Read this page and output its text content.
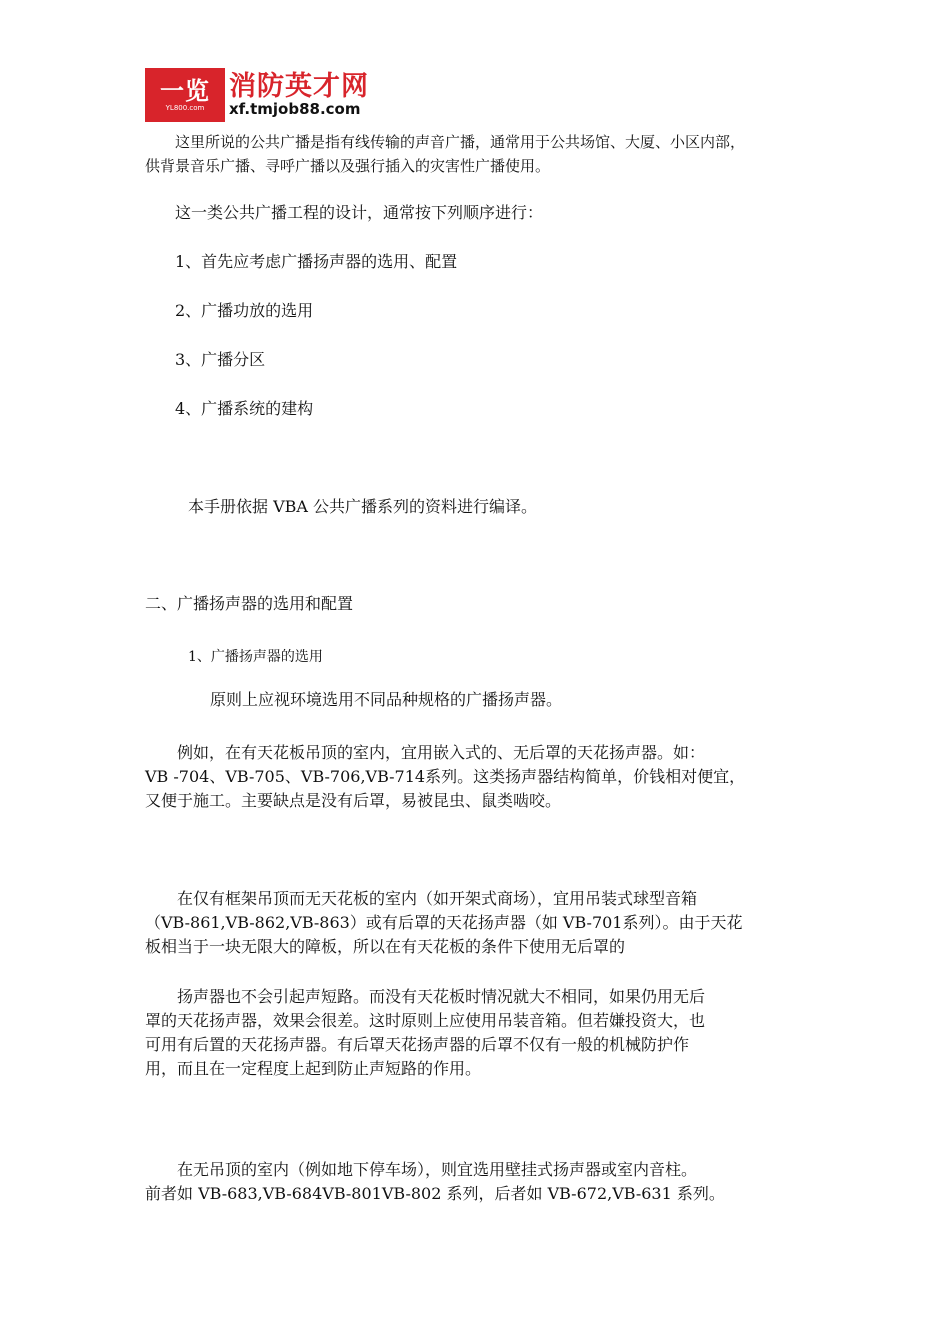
一览
YL800.com
消防英才网
xf.tmjob88.com

这里所说的公共广播是指有线传输的声音广播，通常用于公共场馆、大厦、小区内部，
供背景音乐广播、寻呼广播以及强行插入的灾害性广播使用。

这一类公共广播工程的设计，通常按下列顺序进行：

1、首先应考虑广播扬声器的选用、配置

2、广播功放的选用

3、广播分区

4、广播系统的建构

本手册依据 VBA 公共广播系列的资料进行编译。

二、广播扬声器的选用和配置

1、广播扬声器的选用

原则上应视环境选用不同品种规格的广播扬声器。

例如，在有天花板吊顶的室内，宜用嵌入式的、无后罩的天花扬声器。如：
VB -704、VB-705、VB-706,VB-714系列。这类扬声器结构简单，价钱相对便宜，
又便于施工。主要缺点是没有后罩，易被昆虫、鼠类啮咬。

在仅有框架吊顶而无天花板的室内（如开架式商场），宜用吊装式球型音箱
（VB-861,VB-862,VB-863）或有后罩的天花扬声器（如 VB-701系列）。由于天花
板相当于一块无限大的障板，所以在有天花板的条件下使用无后罩的

扬声器也不会引起声短路。而没有天花板时情况就大不相同，如果仍用无后
罩的天花扬声器，效果会很差。这时原则上应使用吊装音箱。但若嫌投资大，也
可用有后置的天花扬声器。有后罩天花扬声器的后罩不仅有一般的机械防护作
用，而且在一定程度上起到防止声短路的作用。

在无吊顶的室内（例如地下停车场），则宜选用壁挂式扬声器或室内音柱。
前者如 VB-683,VB-684VB-801VB-802 系列，后者如 VB-672,VB-631 系列。
